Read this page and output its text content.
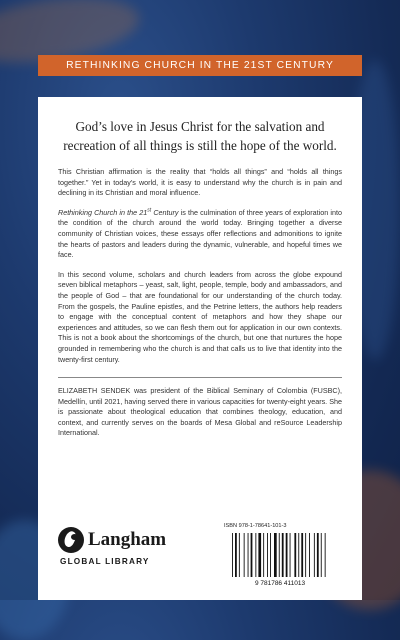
RETHINKING CHURCH IN THE 21ST CENTURY
God’s love in Jesus Christ for the salvation and recreation of all things is still the hope of the world.

This Christian affirmation is the reality that “holds all things” and “holds all things together.” Yet in today’s world, it is easy to understand why the church is in pain and declining in its Christian and moral influence.

Rethinking Church in the 21st Century is the culmination of three years of exploration into the condition of the church around the world today. Bringing together a diverse community of Christian voices, these essays offer reflections and admonitions to ignite the hearts of pastors and leaders during the dynamic, vulnerable, and hopeful times we face.

In this second volume, scholars and church leaders from across the globe expound seven biblical metaphors – yeast, salt, light, people, temple, body and ambassadors, and the people of God – that are foundational for our understanding of the church today. From the gospels, the Pauline epistles, and the Petrine letters, the authors help readers to engage with the conceptual content of metaphors and how they shape our experiences and attitudes, so we can flesh them out for application in our own contexts. This is not a book about the shortcomings of the church, but one that nurtures the hope grounded in remembering who the church is and that calls us to live that identity into the twenty-first century.

ELIZABETH SENDEK was president of the Biblical Seminary of Colombia (FUSBC), Medellín, until 2021, having served there in various capacities for twenty-eight years. She is passionate about theological education that combines theology, education, and context, and currently serves on the boards of Mesa Global and reSource Leadership International.

Langham
GLOBAL LIBRARY
ISBN 978-1-78641-101-3
9 781786 411013
